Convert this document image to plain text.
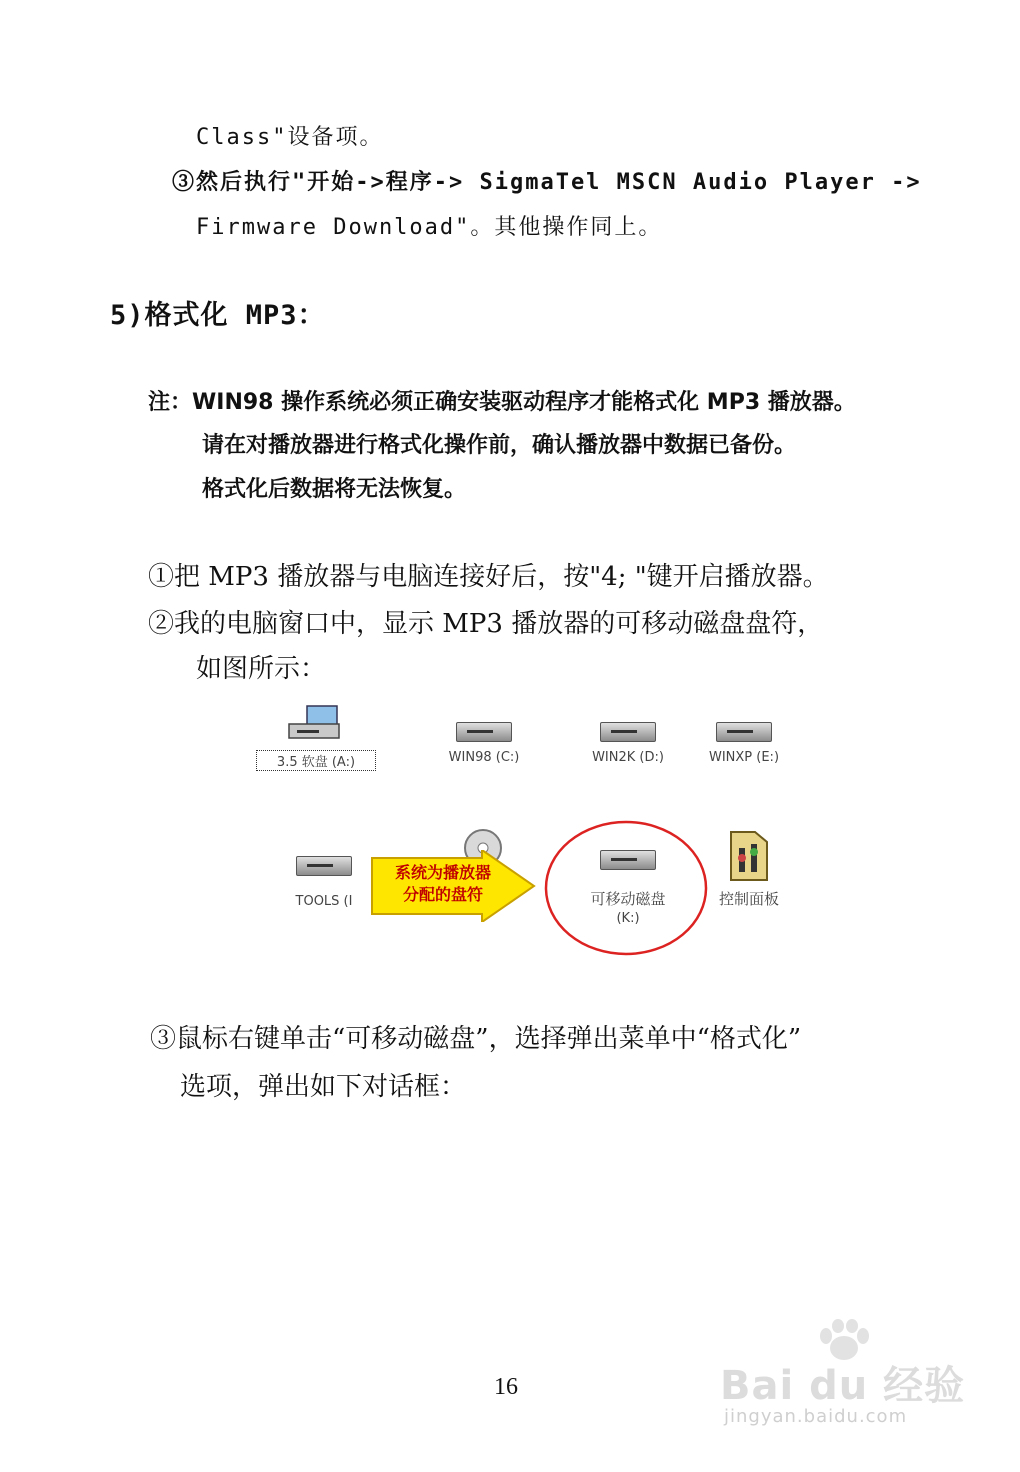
Class"设备项。
③然后执行"开始->程序-> SigmaTel MSCN Audio Player ->
Firmware Download"。其他操作同上。
5)格式化 MP3：
注：WIN98 操作系统必须正确安装驱动程序才能格式化 MP3 播放器。
请在对播放器进行格式化操作前，确认播放器中数据已备份。
格式化后数据将无法恢复。
①把 MP3 播放器与电脑连接好后，按"4; "键开启播放器。
②我的电脑窗口中，显示 MP3 播放器的可移动磁盘盘符，
如图所示：
3.5 软盘 (A:)	WIN98 (C:)	WIN2K (D:)	WINXP (E:)
TOOLS (I
系统为播放器
分配的盘符	可移动磁盘
(K:)
控制面板
③鼠标右键单击“可移动磁盘”，选择弹出菜单中“格式化”
选项，弹出如下对话框：
16	Bai du 经验
jingyan.baidu.com
